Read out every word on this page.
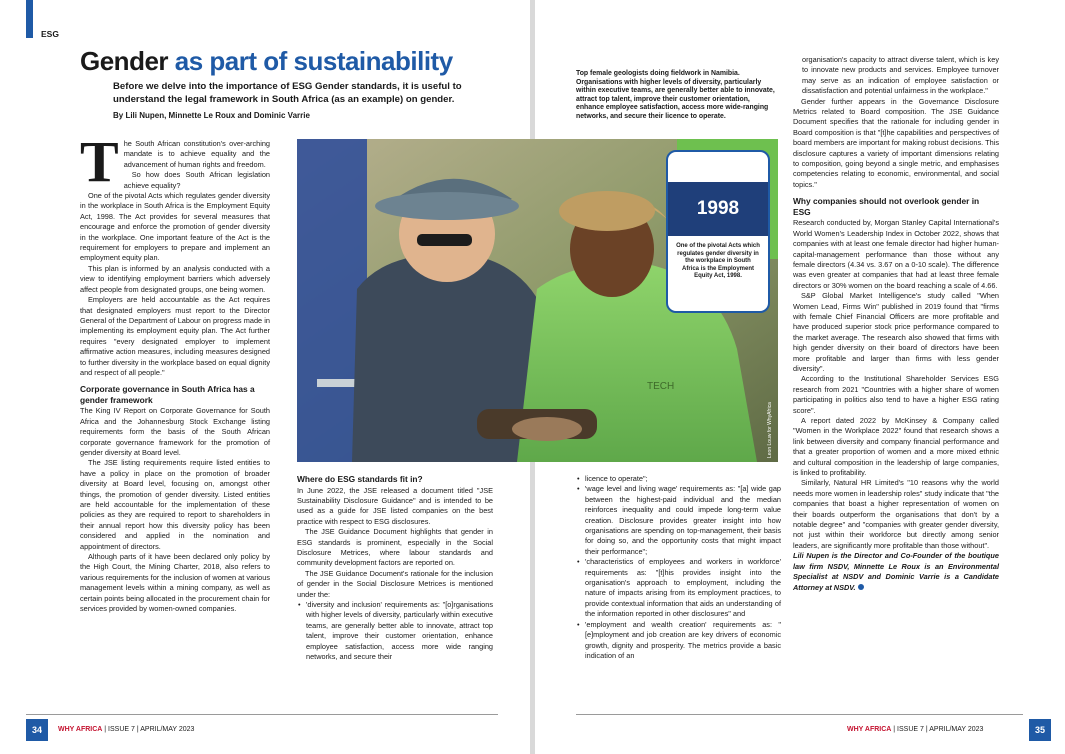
ESG
Gender as part of sustainability

Before we delve into the importance of ESG Gender standards, it is useful to understand the legal framework in South Africa (as an example) on gender.

By Lili Nupen, Minnette Le Roux and Dominic Varrie

The South African constitution's over-arching mandate is to achieve equality and the advancement of human rights and freedom.

So how does South African legislation achieve equality?

One of the pivotal Acts which regulates gender diversity in the workplace in South Africa is the Employment Equity Act, 1998. The Act provides for several measures that encourage and enforce the promotion of gender diversity in the workplace. One important feature of the Act is the requirement for employers to prepare and implement an employment equity plan.

This plan is informed by an analysis conducted with a view to identifying employment barriers which adversely affect people from designated groups, one being women.

Employers are held accountable as the Act requires that designated employers must report to the Director General of the Department of Labour on progress made in implementing its employment equity plan. The Act further requires "every designated employer to implement affirmative action measures, including measures designed to further diversity in the workplace based on equal dignity and respect of all people."

Corporate governance in South Africa has a gender framework

The King IV Report on Corporate Governance for South Africa and the Johannesburg Stock Exchange listing requirements form the basis of the South African corporate governance framework for the promotion of gender diversity at Board level.

The JSE listing requirements require listed entities to have a policy in place on the promotion of broader diversity at Board level, focusing on, amongst other things, the promotion of gender diversity. Listed entities are held accountable for the implementation of these policies as they are required to report to shareholders in their annual report how this diversity policy has been considered and applied in the nomination and appointment of directors.

Although parts of it have been declared only policy by the High Court, the Mining Charter, 2018, also refers to various requirements for the inclusion of women at various management levels within a mining company, as well as certain points being allocated in the procurement chain for services provided by women-owned companies.

Where do ESG standards fit in?

In June 2022, the JSE released a document titled "JSE Sustainability Disclosure Guidance" and is intended to be used as a guide for JSE listed companies on the best practice with respect to ESG disclosures.

The JSE Guidance Document highlights that gender in ESG standards is prominent, especially in the Social Disclosure Metrices, where labour standards and community development factors are reported on.

The JSE Guidance Document's rationale for the inclusion of gender in the Social Disclosure Metrices is mentioned under the:

• 'diversity and inclusion' requirements as: "[o]rganisations with higher levels of diversity, particularly within executive teams, are generally better able to innovate, attract top talent, improve their customer orientation, enhance employee satisfaction, access more wide ranging networks, and secure their
34	WHY AFRICA | ISSUE 7 | APRIL/MAY 2023
• licence to operate";
• 'wage level and living wage' requirements as: "[a] wide gap between the highest-paid individual and the median reinforces inequality and could impede long-term value creation. Disclosure provides greater insight into how organisations are spending on top-management, their basis for doing so, and the opportunity costs that might impact their performance";
• 'characteristics of employees and workers in workforce' requirements as: "[t]his provides insight into the organisation's approach to employment, including the nature of impacts arising from its employment practices, to provide contextual information that aids an understanding of the information reported in other disclosures" and
• 'employment and wealth creation' requirements as: "[e]mployment and job creation are key drivers of economic growth, dignity and prosperity. The metrics provide a basic indication of an

organisation's capacity to attract diverse talent, which is key to innovate new products and services. Employee turnover may serve as an indication of employee satisfaction or dissatisfaction and potential unfairness in the workplace."

Gender further appears in the Governance Disclosure Metrics related to Board composition. The JSE Guidance Document specifies that the rationale for including gender in Board composition is that "[t]he capabilities and perspectives of board members are important for making robust decisions. This disclosure captures a variety of important dimensions relating to composition, going beyond a single metric, and emphasises competencies relating to economic, environmental, and social topics."

Why companies should not overlook gender in ESG

Research conducted by, Morgan Stanley Capital International's World Women's Leadership Index in October 2022, shows that companies with at least one female director had higher human-capital-management performance than those without any female directors (4.34 vs. 3.67 on a 0-10 scale). The difference was even greater at companies that had at least three female directors or 30% women on the board reaching a scale of 4.66.

S&P Global Market Intelligence's study called "When Women Lead, Firms Win" published in 2019 found that "firms with female Chief Financial Officers are more profitable and have produced superior stock price performance compared to the market average. The research also showed that firms with high gender diversity on their board of directors have been more profitable and larger than firms with less gender diversity".

According to the Institutional Shareholder Services ESG research from 2021 "Countries with a higher share of women participating in politics also tend to have a higher ESG rating score".

A report dated 2022 by McKinsey & Company called "Women in the Workplace 2022" found that research shows a link between diversity and company financial performance and that a greater proportion of women and a more mixed ethnic and cultural composition in the leadership of large companies, is linked to profitability.

Similarly, Natural HR Limited's "10 reasons why the world needs more women in leadership roles" study indicate that "the companies that boast a higher representation of women on their boards outperform the organisations that don't by a notable degree" and "companies with greater gender diversity, not just within their workforce but directly among senior leaders, are significantly more profitable than those without".

Lili Nupen is the Director and Co-Founder of the boutique law firm NSDV, Minnette Le Roux is an Environmental Specialist at NSDV and Dominic Varrie is a Candidate Attorney at NSDV.

WHY AFRICA | ISSUE 7 | APRIL/MAY 2023	35

Top female geologists doing fieldwork in Namibia. Organisations with higher levels of diversity, particularly within executive teams, are generally better able to innovate, attract top talent, improve their customer orientation, enhance employee satisfaction, access more wide-ranging networks, and secure their licence to operate.

TECH
Leon Louw for WhyAfrica
1998
One of the pivotal Acts which regulates gender diversity in the workplace in South Africa is the Employment Equity Act, 1998.
